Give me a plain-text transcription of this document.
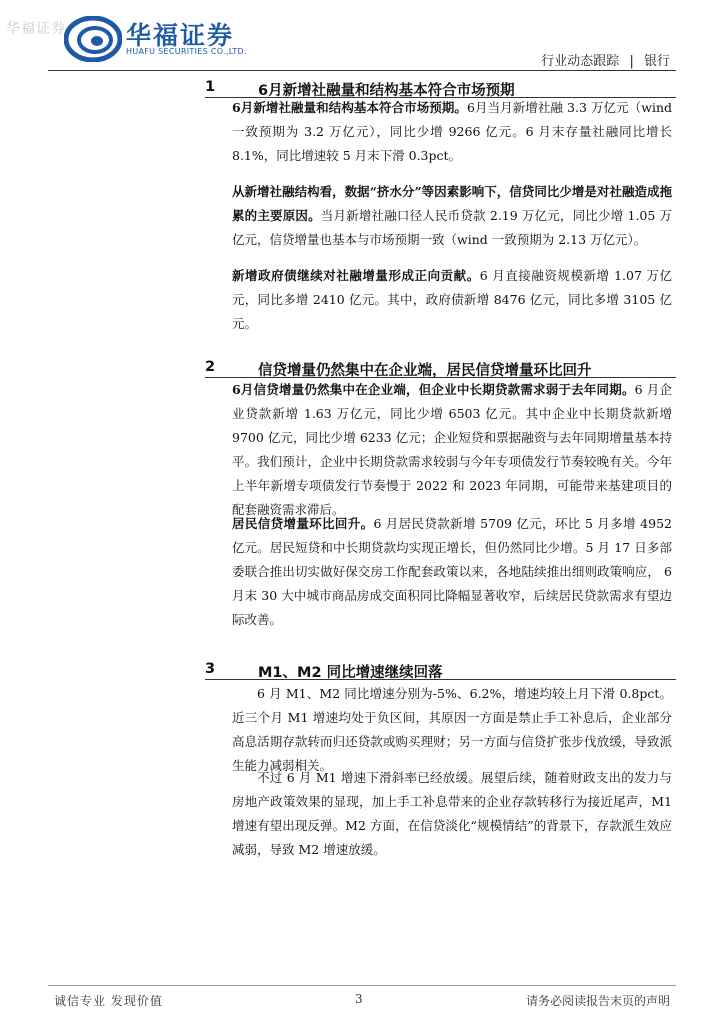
华福证券 华福证券
HUAFU SECURITIES CO.,LTD.
行业动态跟踪 | 银行
1	6月新增社融量和结构基本符合市场预期
6月新增社融量和结构基本符合市场预期。6月当月新增社融 3.3 万亿元（wind 一致预期为 3.2 万亿元），同比少增 9266 亿元。6 月末存量社融同比增长 8.1%，同比增速较 5 月末下滑 0.3pct。
从新增社融结构看，数据“挤水分”等因素影响下，信贷同比少增是对社融造成拖累的主要原因。当月新增社融口径人民币贷款 2.19 万亿元，同比少增 1.05 万亿元，信贷增量也基本与市场预期一致（wind 一致预期为 2.13 万亿元）。
新增政府债继续对社融增量形成正向贡献。6 月直接融资规模新增 1.07 万亿元，同比多增 2410 亿元。其中，政府债新增 8476 亿元，同比多增 3105 亿元。
2	信贷增量仍然集中在企业端，居民信贷增量环比回升
6月信贷增量仍然集中在企业端，但企业中长期贷款需求弱于去年同期。6 月企业贷款新增 1.63 万亿元，同比少增 6503 亿元。其中企业中长期贷款新增 9700 亿元，同比少增 6233 亿元；企业短贷和票据融资与去年同期增量基本持平。我们预计，企业中长期贷款需求较弱与今年专项债发行节奏较晚有关。今年上半年新增专项债发行节奏慢于 2022 和 2023 年同期，可能带来基建项目的配套融资需求滞后。
居民信贷增量环比回升。6 月居民贷款新增 5709 亿元，环比 5 月多增 4952 亿元。居民短贷和中长期贷款均实现正增长，但仍然同比少增。5 月 17 日多部委联合推出切实做好保交房工作配套政策以来，各地陆续推出细则政策响应， 6 月末 30 大中城市商品房成交面积同比降幅显著收窄，后续居民贷款需求有望边际改善。
3	M1、M2 同比增速继续回落
6 月 M1、M2 同比增速分别为-5%、6.2%，增速均较上月下滑 0.8pct。近三个月 M1 增速均处于负区间，其原因一方面是禁止手工补息后，企业部分高息活期存款转而归还贷款或购买理财；另一方面与信贷扩张步伐放缓，导致派生能力减弱相关。
不过 6 月 M1 增速下滑斜率已经放缓。展望后续，随着财政支出的发力与房地产政策效果的显现，加上手工补息带来的企业存款转移行为接近尾声，M1 增速有望出现反弹。M2 方面，在信贷淡化“规模情结”的背景下，存款派生效应减弱，导致 M2 增速放缓。
诚信专业 发现价值	3	请务必阅读报告末页的声明
